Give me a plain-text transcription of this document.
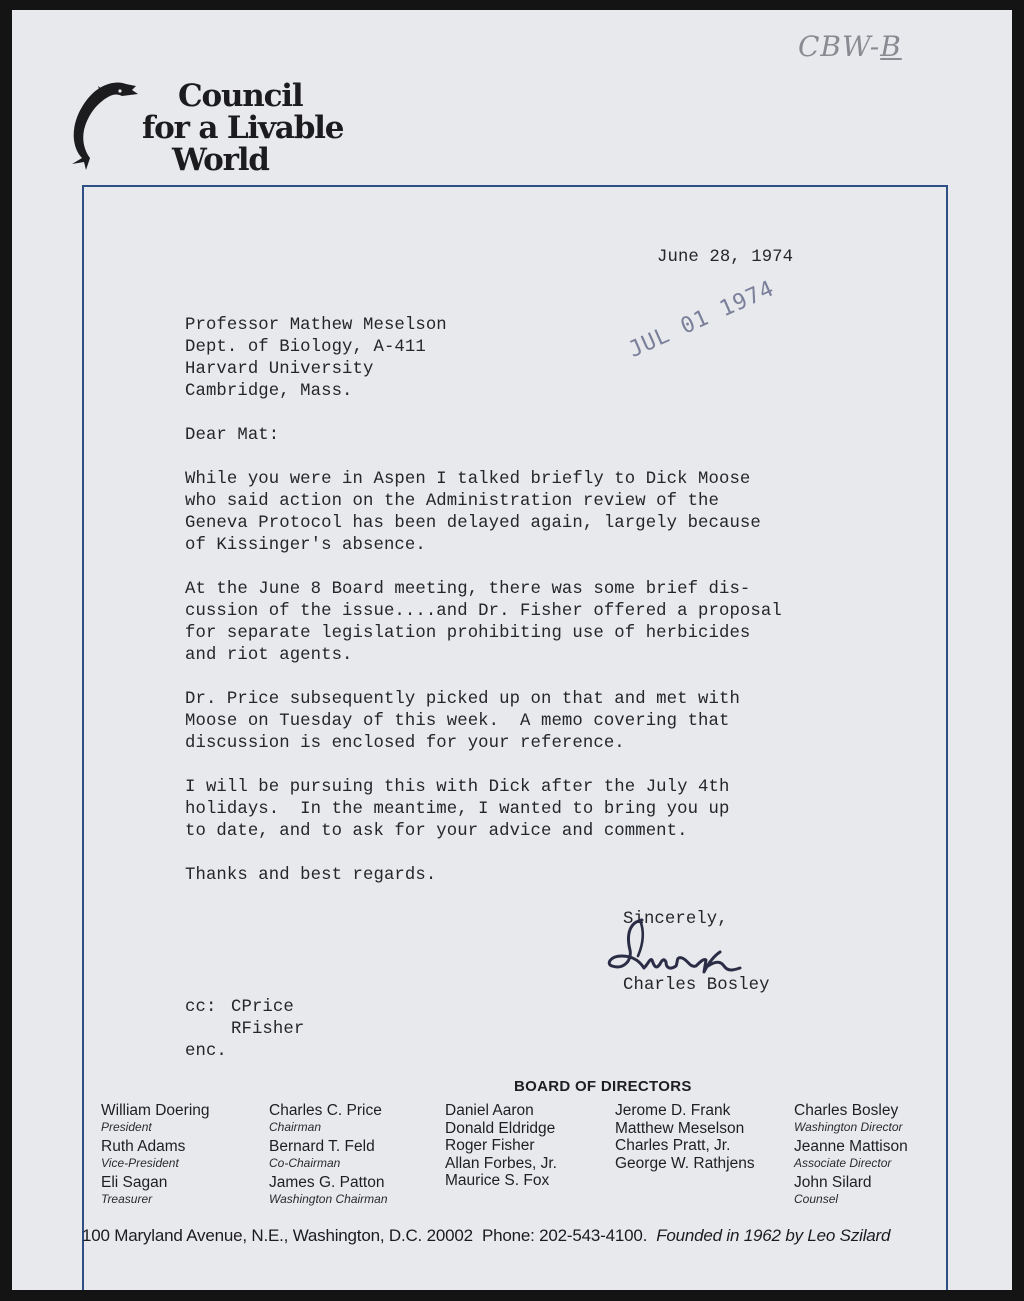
Council
for a Livable
World
CBW-B
June 28, 1974
Professor Mathew Meselson
Dept. of Biology, A-411
Harvard University
Cambridge, Mass.
JUL 01 1974
Dear Mat:
While you were in Aspen I talked briefly to Dick Moose
who said action on the Administration review of the
Geneva Protocol has been delayed again, largely because
of Kissinger's absence.
At the June 8 Board meeting, there was some brief dis-
cussion of the issue....and Dr. Fisher offered a proposal
for separate legislation prohibiting use of herbicides
and riot agents.
Dr. Price subsequently picked up on that and met with
Moose on Tuesday of this week.  A memo covering that
discussion is enclosed for your reference.
I will be pursuing this with Dick after the July 4th
holidays.  In the meantime, I wanted to bring you up
to date, and to ask for your advice and comment.
Thanks and best regards.
Sincerely,
Charles Bosley
cc: CPrice
RFisher
enc.
BOARD OF DIRECTORS
William Doering
President
Ruth Adams
Vice-President
Eli Sagan
Treasurer
Charles C. Price
Chairman
Bernard T. Feld
Co-Chairman
James G. Patton
Washington Chairman
Daniel Aaron
Donald Eldridge
Roger Fisher
Allan Forbes, Jr.
Maurice S. Fox
Jerome D. Frank
Matthew Meselson
Charles Pratt, Jr.
George W. Rathjens
Charles Bosley
Washington Director
Jeanne Mattison
Associate Director
John Silard
Counsel
100 Maryland Avenue, N.E., Washington, D.C. 20002 Phone: 202-543-4100. Founded in 1962 by Leo Szilard
